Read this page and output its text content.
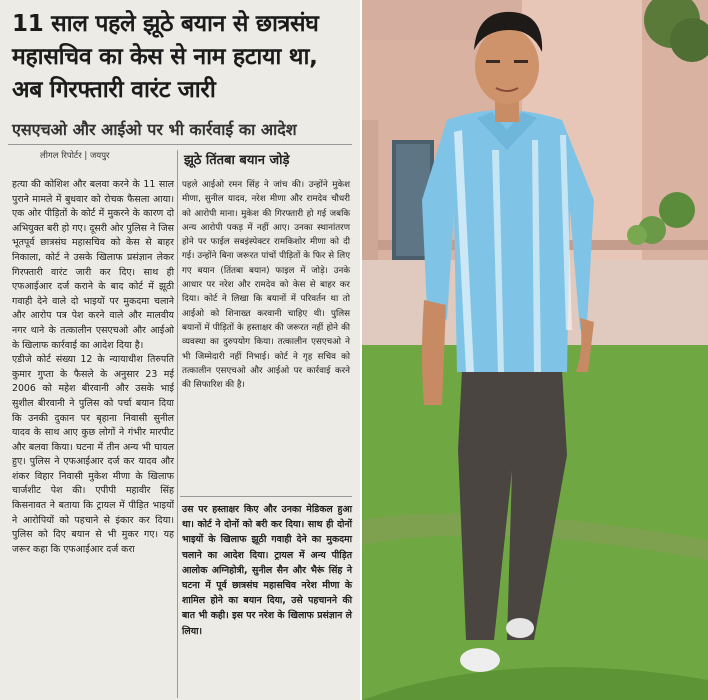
11 साल पहले झूठे बयान से छात्रसंघ महासचिव का केस से नाम हटाया था, अब गिरफ्तारी वारंट जारी
एसएचओ और आईओ पर भी कार्रवाई का आदेश
लीगल रिपोर्टर | जयपुर	झूठे तिंतबा बयान जोड़े
हत्या की कोशिश और बलवा करने के 11 साल पुराने मामले में बुधवार को रोचक फैसला आया। एक ओर पीड़ितों के कोर्ट में मुकरने के कारण दो अभियुक्त बरी हो गए। दूसरी ओर पुलिस ने जिस भूतपूर्व छात्रसंघ महासचिव को केस से बाहर निकाला, कोर्ट ने उसके खिलाफ प्रसंज्ञान लेकर गिरफ्तारी वारंट जारी कर दिए। साथ ही एफआईआर दर्ज कराने के बाद कोर्ट में झूठी गवाही देने वाले दो भाइयों पर मुकदमा चलाने और आरोप पत्र पेश करने वाले और मालवीय नगर थाने के तत्कालीन एसएचओ और आईओ के खिलाफ कार्रवाई का आदेश दिया है।
एडीजे कोर्ट संख्या 12 के न्यायाधीश तिरुपति कुमार गुप्ता के फैसले के अनुसार 23 मई 2006 को महेश बीरवानी और उसके भाई सुशील बीरवानी ने पुलिस को पर्चा बयान दिया कि उनकी दुकान पर बृहाना निवासी सुनील यादव के साथ आए कुछ लोगों ने गंभीर मारपीट और बलवा किया। घटना में तीन अन्य भी घायल हुए। पुलिस ने एफआईआर दर्ज कर यादव और शंकर विहार निवासी मुकेश मीणा के खिलाफ चार्जशीट पेश की। एपीपी महावीर सिंह किसनावत ने बताया कि ट्रायल में पीड़ित भाइयों ने आरोपियों को पहचाने से इंकार कर दिया। पुलिस को दिए बयान से भी मुकर गए। यह जरूर कहा कि एफआईआर दर्ज करा
पहले आईओ रमन सिंह ने जांच की। उन्होंने मुकेश मीणा, सुनील यादव, नरेश मीणा और रामदेव चौधरी को आरोपी माना। मुकेश की गिरफ्तारी हो गई जबकि अन्य आरोपी पकड़ में नहीं आए। उनका स्थानांतरण होने पर फाईल सबइंस्पेक्टर रामकिशोर मीणा को दी गई। उन्होंने बिना जरूरत पांचों पीड़ितों के फिर से लिए गए बयान (तिंतबा बयान) फाइल में जोड़े। उनके आधार पर नरेश और रामदेव को केस से बाहर कर दिया। कोर्ट ने लिखा कि बयानों में परिवर्तन था तो आईओ को शिनाख्त करवानी चाहिए थी। पुलिस बयानों में पीड़ितों के हस्ताक्षर की जरूरत नहीं होने की व्यवस्था का दुरुपयोग किया। तत्कालीन एसएचओ ने भी जिम्मेदारी नहीं निभाई। कोर्ट ने गृह सचिव को तत्कालीन एसएचओ और आईओ पर कार्रवाई करने की सिफारिश की है।
उस पर हस्ताक्षर किए और उनका मेडिकल हुआ था। कोर्ट ने दोनों को बरी कर दिया। साथ ही दोनों भाइयों के खिलाफ झूठी गवाही देने का मुकदमा चलाने का आदेश दिया। ट्रायल में अन्य पीड़ित आलोक अग्निहोत्री, सुनील सैन और भैरूं सिंह ने घटना में पूर्व छात्रसंघ महासचिव नरेश मीणा के शामिल होने का बयान दिया, उसे पहचानने की बात भी कही। इस पर नरेश के खिलाफ प्रसंज्ञान ले लिया।
